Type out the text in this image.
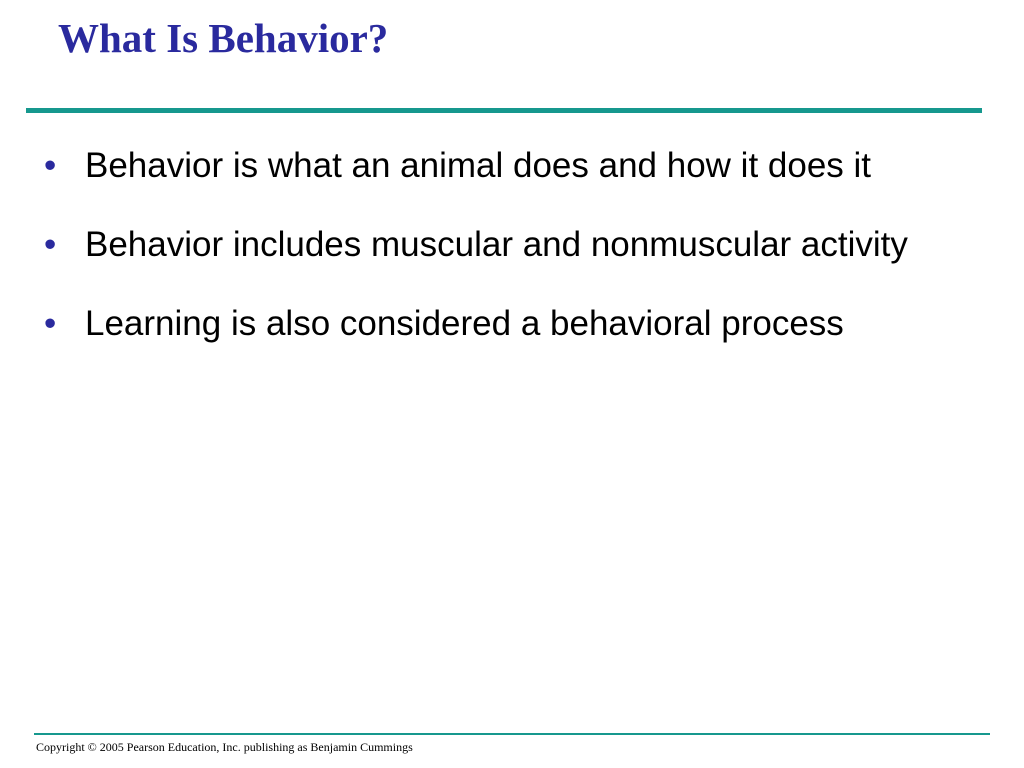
What Is Behavior?
• Behavior is what an animal does and how it does it
• Behavior includes muscular and nonmuscular activity
• Learning is also considered a behavioral process
Copyright © 2005 Pearson Education, Inc. publishing as Benjamin Cummings
